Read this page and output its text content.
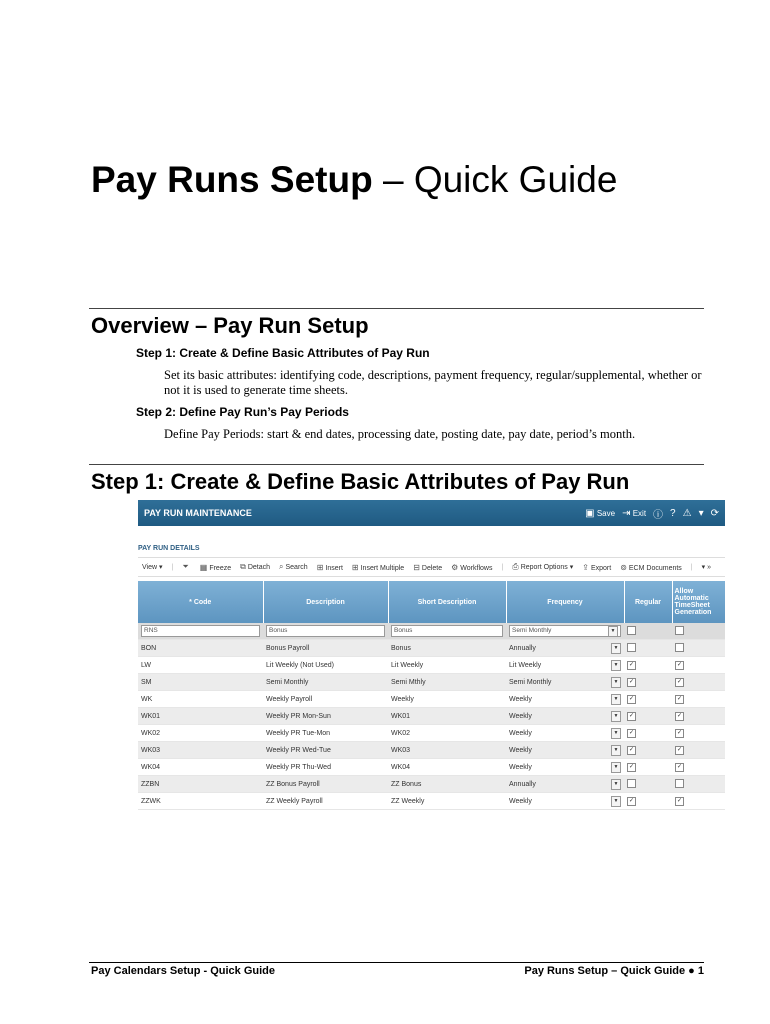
Pay Runs Setup – Quick Guide
Overview – Pay Run Setup
Step 1: Create & Define Basic Attributes of Pay Run
Set its basic attributes: identifying code, descriptions, payment frequency, regular/supplemental, whether or not it is used to generate time sheets.
Step 2: Define Pay Run’s Pay Periods
Define Pay Periods: start & end dates, processing date, posting date, pay date, period’s month.
Step 1: Create & Define Basic Attributes of Pay Run
PAY RUN MAINTENANCE	▣ Save ⇥ Exit ⓘ ? ⚠ ▾ ⟳
PAY RUN DETAILS
View ▾ | ⏷ ▦ Freeze ⧉ Detach ⌕ Search ⊞ Insert ⊞ Insert Multiple ⊟ Delete ⚙ Workflows | ⎙ Report Options ▾ ⇪ Export ⊚ ECM Documents | ▾ »
* Code	Description	Short Description	Frequency	Regular	Allow Automatic TimeSheet Generation

RNS	Bonus	Bonus	Semi Monthly ▼		

BON	Bonus Payroll	Bonus	Annually ▼		

LW	Lit Weekly (Not Used)	Lit Weekly	Lit Weekly ▼	✓	✓
SM	Semi Monthly	Semi Mthly	Semi Monthly ▼	✓	✓
WK	Weekly Payroll	Weekly	Weekly ▼	✓	✓
WK01	Weekly PR Mon-Sun	WK01	Weekly ▼	✓	✓
WK02	Weekly PR Tue-Mon	WK02	Weekly ▼	✓	✓
WK03	Weekly PR Wed-Tue	WK03	Weekly ▼	✓	✓
WK04	Weekly PR Thu-Wed	WK04	Weekly ▼	✓	✓
ZZBN	ZZ Bonus Payroll	ZZ Bonus	Annually ▼		

ZZWK	ZZ Weekly Payroll	ZZ Weekly	Weekly ▼	✓	✓
Pay Calendars Setup - Quick Guide	Pay Runs Setup – Quick Guide ● 1
